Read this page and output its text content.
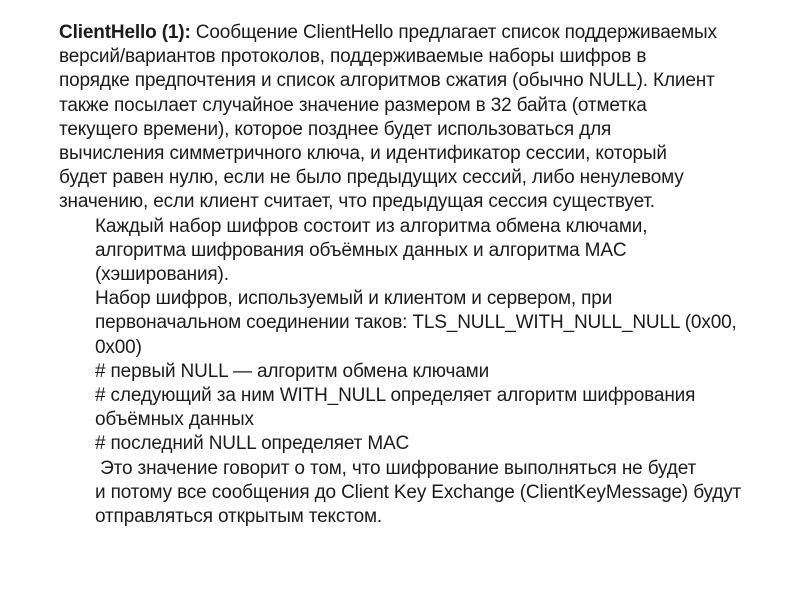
ClientHello (1): Сообщение ClientHello предлагает список поддерживаемых
версий/вариантов протоколов, поддерживаемые наборы шифров в
порядке предпочтения и список алгоритмов сжатия (обычно NULL). Клиент
также посылает случайное значение размером в 32 байта (отметка
текущего времени), которое позднее будет использоваться для
вычисления симметричного ключа, и идентификатор сессии, который
будет равен нулю, если не было предыдущих сессий, либо ненулевому
значению, если клиент считает, что предыдущая сессия существует.
Каждый набор шифров состоит из алгоритма обмена ключами,
алгоритма шифрования объёмных данных и алгоритма MAC
(хэширования).
Набор шифров, используемый и клиентом и сервером, при
первоначальном соединении таков: TLS_NULL_WITH_NULL_NULL (0x00,
0x00)
# первый NULL — алгоритм обмена ключами
# следующий за ним WITH_NULL определяет алгоритм шифрования
объёмных данных
# последний NULL определяет MAC
Это значение говорит о том, что шифрование выполняться не будет
и потому все сообщения до Client Key Exchange (ClientKeyMessage) будут
отправляться открытым текстом.
